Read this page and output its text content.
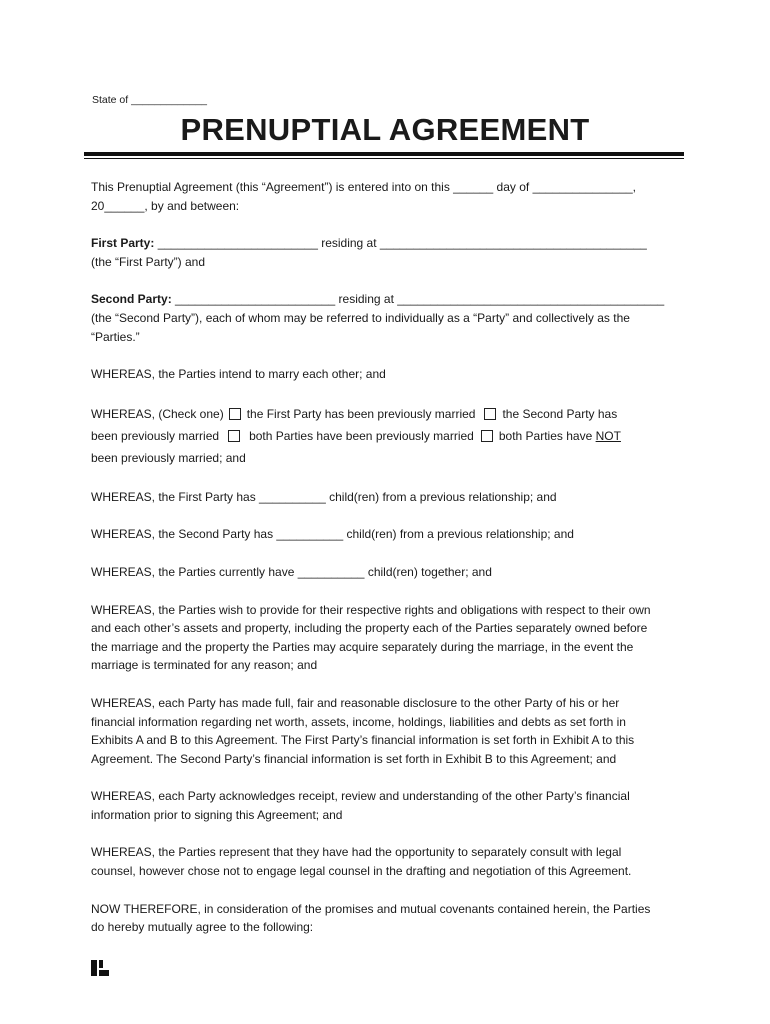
State of _____________
PRENUPTIAL AGREEMENT

This Prenuptial Agreement (this “Agreement”) is entered into on this ______ day of _______________,
20______, by and between:

First Party: ________________________ residing at ________________________________________
(the “First Party”) and

Second Party: ________________________ residing at ________________________________________
(the “Second Party”), each of whom may be referred to individually as a “Party” and collectively as the
“Parties.”

WHEREAS, the Parties intend to marry each other; and

WHEREAS, (Check one) the First Party has been previously married the Second Party has
been previously married	both Parties have been previously married both Parties have NOT
been previously married; and

WHEREAS, the First Party has __________ child(ren) from a previous relationship; and

WHEREAS, the Second Party has __________ child(ren) from a previous relationship; and

WHEREAS, the Parties currently have __________ child(ren) together; and

WHEREAS, the Parties wish to provide for their respective rights and obligations with respect to their own
and each other’s assets and property, including the property each of the Parties separately owned before
the marriage and the property the Parties may acquire separately during the marriage, in the event the
marriage is terminated for any reason; and

WHEREAS, each Party has made full, fair and reasonable disclosure to the other Party of his or her
financial information regarding net worth, assets, income, holdings, liabilities and debts as set forth in
Exhibits A and B to this Agreement. The First Party’s financial information is set forth in Exhibit A to this
Agreement. The Second Party’s financial information is set forth in Exhibit B to this Agreement; and

WHEREAS, each Party acknowledges receipt, review and understanding of the other Party’s financial
information prior to signing this Agreement; and

WHEREAS, the Parties represent that they have had the opportunity to separately consult with legal
counsel, however chose not to engage legal counsel in the drafting and negotiation of this Agreement.

NOW THEREFORE, in consideration of the promises and mutual covenants contained herein, the Parties
do hereby mutually agree to the following:
